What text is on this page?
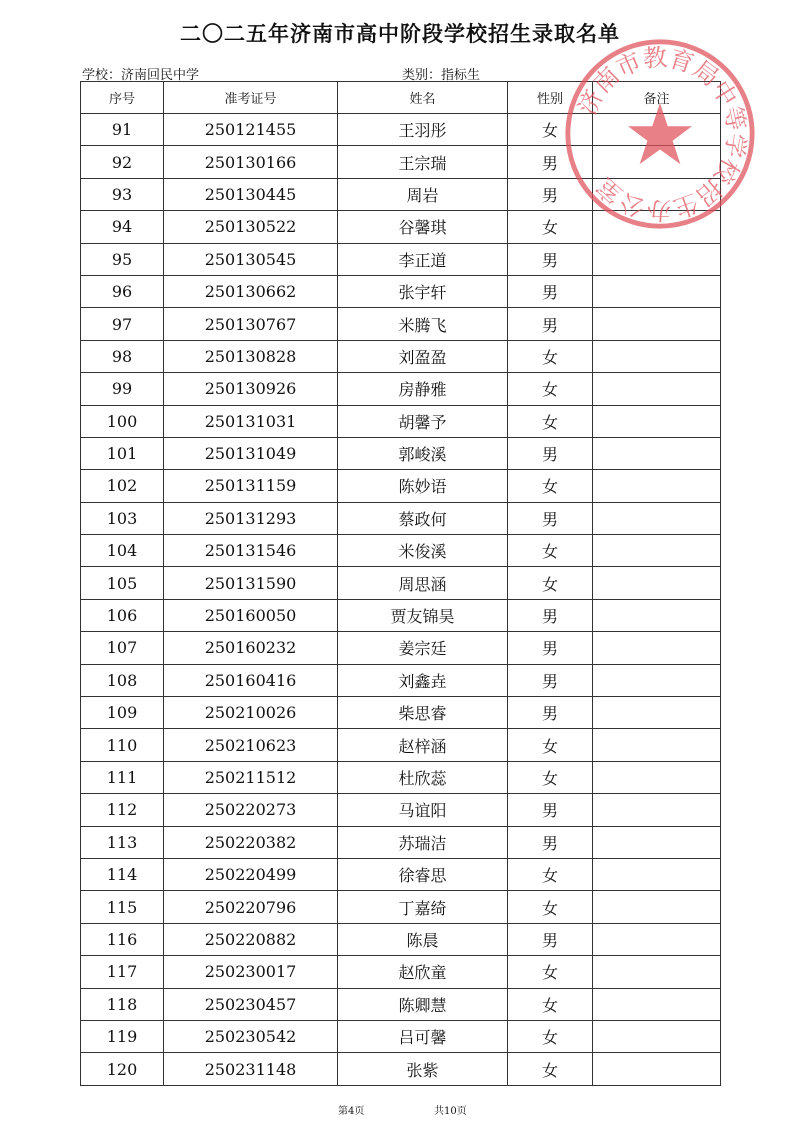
二〇二五年济南市高中阶段学校招生录取名单
学校：济南回民中学	类别：指标生
序号	准考证号	姓名	性别	备注
91	250121455	王羽彤	女	
92	250130166	王宗瑞	男	
93	250130445	周岩	男	
94	250130522	谷馨琪	女	
95	250130545	李正道	男	
96	250130662	张宇轩	男	
97	250130767	米腾飞	男	
98	250130828	刘盈盈	女	
99	250130926	房静雅	女	
100	250131031	胡馨予	女	
101	250131049	郭峻溪	男	
102	250131159	陈妙语	女	
103	250131293	蔡政何	男	
104	250131546	米俊溪	女	
105	250131590	周思涵	女	
106	250160050	贾友锦昊	男	
107	250160232	姜宗廷	男	
108	250160416	刘鑫垚	男	
109	250210026	柴思睿	男	
110	250210623	赵梓涵	女	
111	250211512	杜欣蕊	女	
112	250220273	马谊阳	男	
113	250220382	苏瑞洁	男	
114	250220499	徐睿思	女	
115	250220796	丁嘉绮	女	
116	250220882	陈晨	男	
117	250230017	赵欣童	女	
118	250230457	陈卿慧	女	
119	250230542	吕可馨	女	
120	250231148	张紫	女	
济南市教育局中等学校招生办公室
第4页	共10页
